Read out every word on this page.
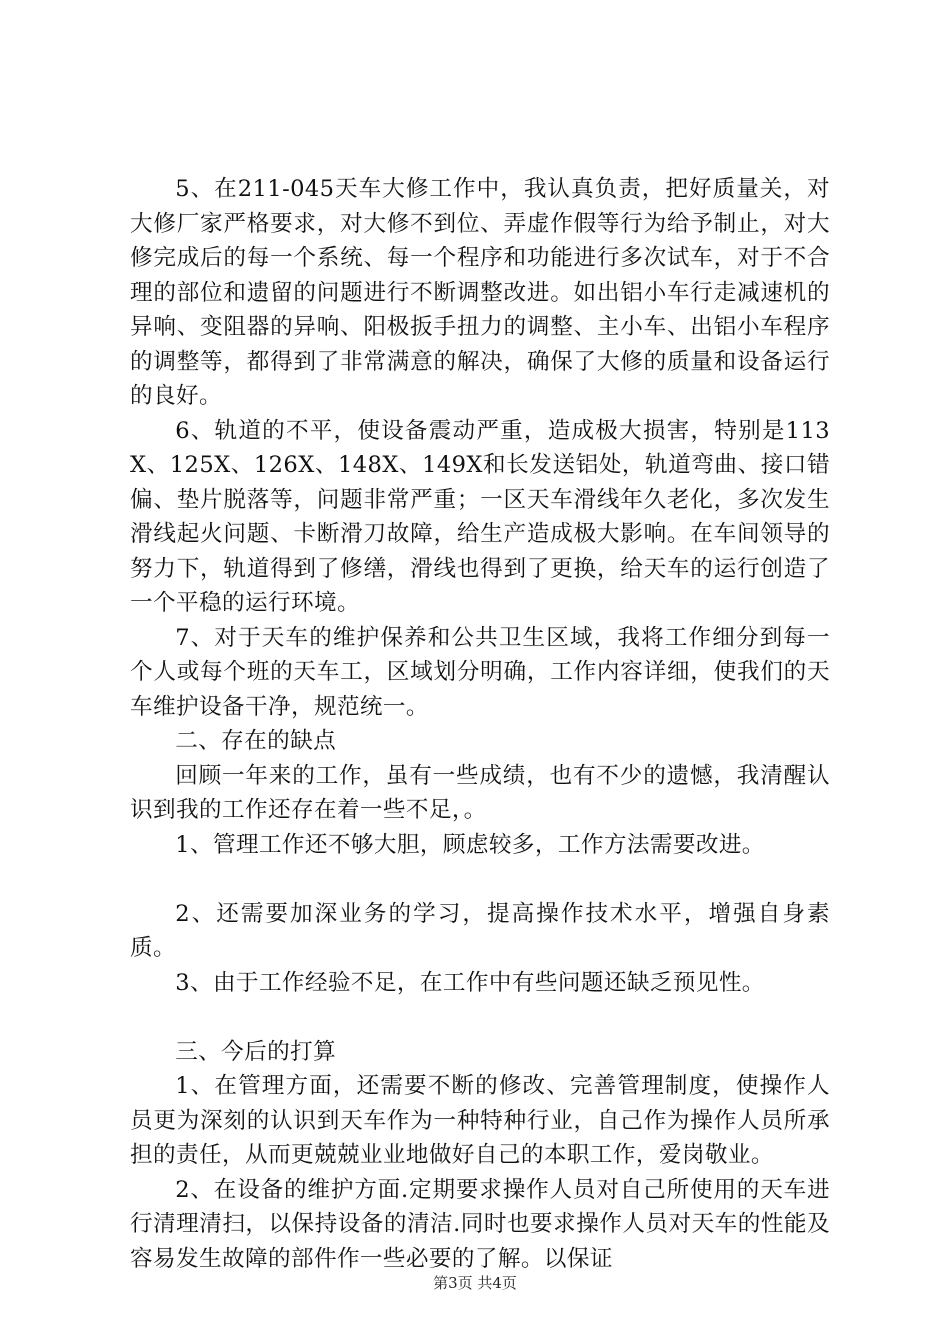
5、在211-045天车大修工作中，我认真负责，把好质量关，对大修厂家严格要求，对大修不到位、弄虚作假等行为给予制止，对大修完成后的每一个系统、每一个程序和功能进行多次试车，对于不合理的部位和遗留的问题进行不断调整改进。如出铝小车行走减速机的异响、变阻器的异响、阳极扳手扭力的调整、主小车、出铝小车程序的调整等，都得到了非常满意的解决，确保了大修的质量和设备运行的良好。

6、轨道的不平，使设备震动严重，造成极大损害，特别是113X、125X、126X、148X、149X和长发送铝处，轨道弯曲、接口错偏、垫片脱落等，问题非常严重；一区天车滑线年久老化，多次发生滑线起火问题、卡断滑刀故障，给生产造成极大影响。在车间领导的努力下，轨道得到了修缮，滑线也得到了更换，给天车的运行创造了一个平稳的运行环境。

7、对于天车的维护保养和公共卫生区域，我将工作细分到每一个人或每个班的天车工，区域划分明确，工作内容详细，使我们的天车维护设备干净，规范统一。

二、存在的缺点

回顾一年来的工作，虽有一些成绩，也有不少的遗憾，我清醒认识到我的工作还存在着一些不足，。

1、管理工作还不够大胆，顾虑较多，工作方法需要改进。

2、还需要加深业务的学习，提高操作技术水平，增强自身素质。

3、由于工作经验不足，在工作中有些问题还缺乏预见性。

三、今后的打算

1、在管理方面，还需要不断的修改、完善管理制度，使操作人员更为深刻的认识到天车作为一种特种行业，自己作为操作人员所承担的责任，从而更兢兢业业地做好自己的本职工作，爱岗敬业。

2、在设备的维护方面.定期要求操作人员对自己所使用的天车进行清理清扫，以保持设备的清洁.同时也要求操作人员对天车的性能及容易发生故障的部件作一些必要的了解。以保证

第3页 共4页
